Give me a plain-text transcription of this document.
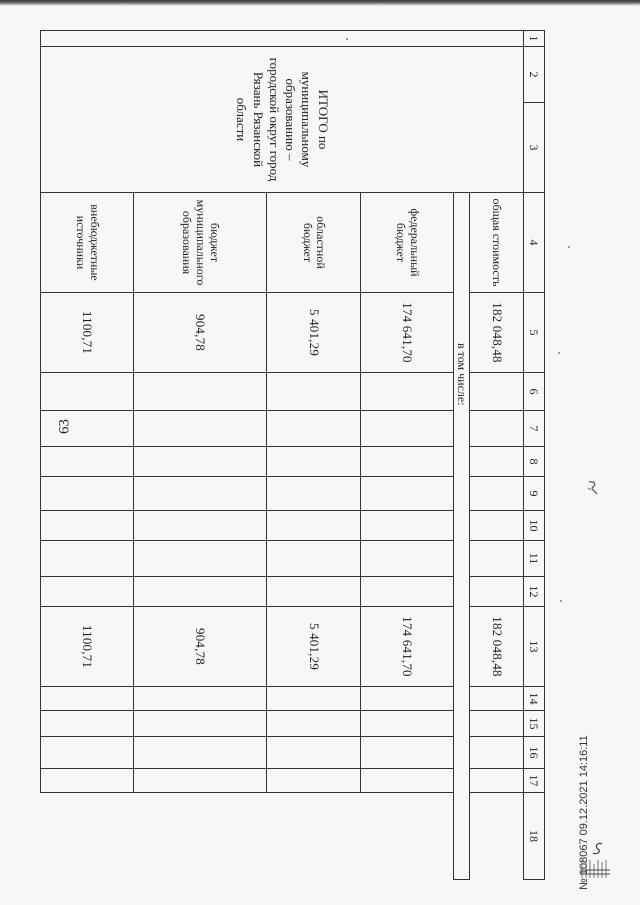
63
1	2	3	4	5	6	7	8	9	10	11	12	13	14	15	16	17	18
	ИТОГО по муниципальному образованию – городской округ город Рязань Рязанской области		общая стоимость	182 048,48								182 048,48					
			в том числе:														
			федеральный бюджет	174 641,70								174 641,70					
			областной бюджет	5 401,29								5 401,29					
			бюджет муниципального образования	904,78								904,78					
			внебюджетные источники	1100,71								1100,71					
№ 108067 09.12.2021 14:16:11
